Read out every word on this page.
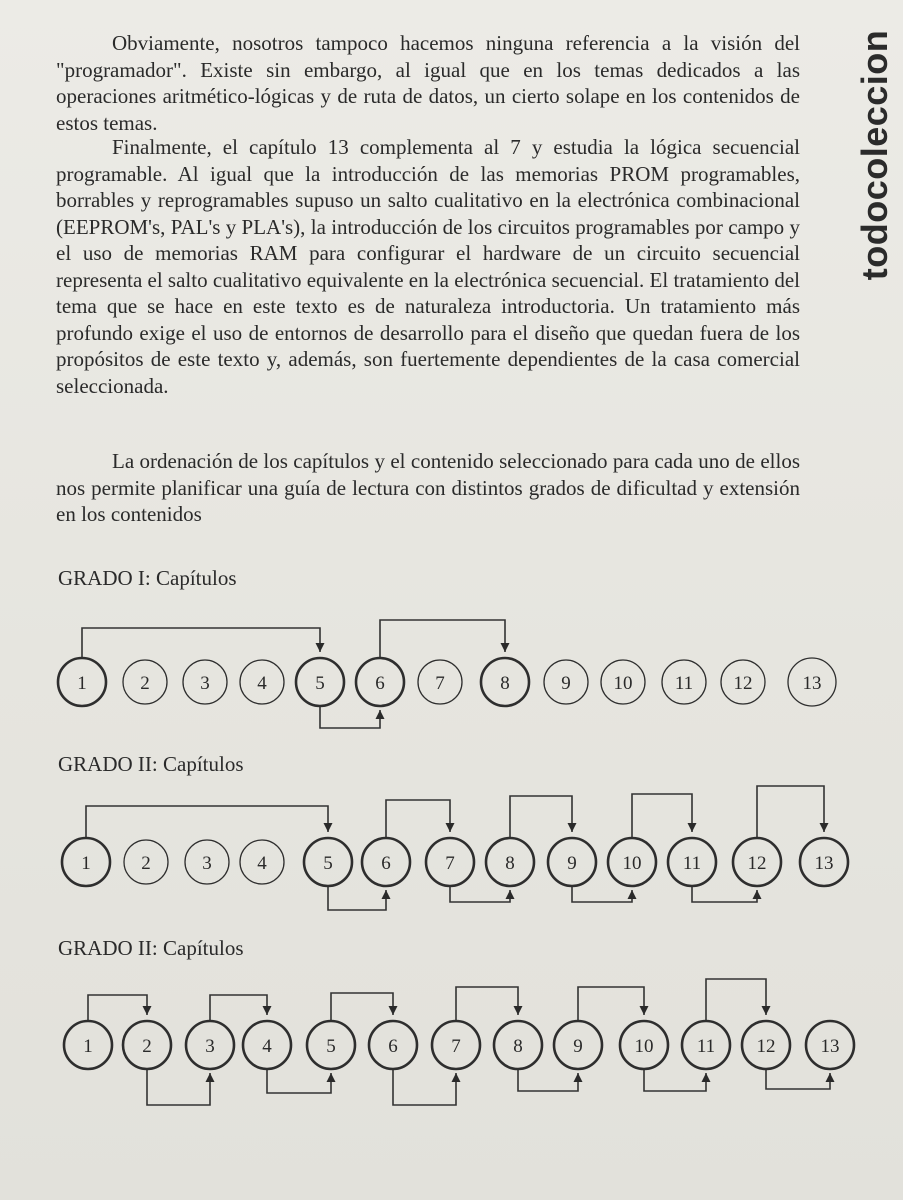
todocoleccion

Obviamente, nosotros tampoco hacemos ninguna referencia a la visión del "programador". Existe sin embargo, al igual que en los temas dedicados a las operaciones aritmético-lógicas y de ruta de datos, un cierto solape en los contenidos de estos temas.

Finalmente, el capítulo 13 complementa al 7 y estudia la lógica secuencial programable. Al igual que la introducción de las memorias PROM programables, borrables y reprogramables supuso un salto cualitativo en la electrónica combinacional (EEPROM's, PAL's y PLA's), la introducción de los circuitos programables por campo y el uso de memorias RAM para configurar el hardware de un circuito secuencial representa el salto cualitativo equivalente en la electrónica secuencial. El tratamiento del tema que se hace en este texto es de naturaleza introductoria. Un tratamiento más profundo exige el uso de entornos de desarrollo para el diseño que quedan fuera de los propósitos de este texto y, además, son fuertemente dependientes de la casa comercial seleccionada.

La ordenación de los capítulos y el contenido seleccionado para cada uno de ellos nos permite planificar una guía de lectura con distintos grados de dificultad y extensión en los contenidos

GRADO I: Capítulos
1	2	3	4	5	6	7	8	9 10 11 12	13
GRADO II: Capítulos
1	2	3 4	5	6	7	8	9 10 11 12	13
GRADO II: Capítulos
1	2	3	4	5	6	7	8	9	10 11 12 13
